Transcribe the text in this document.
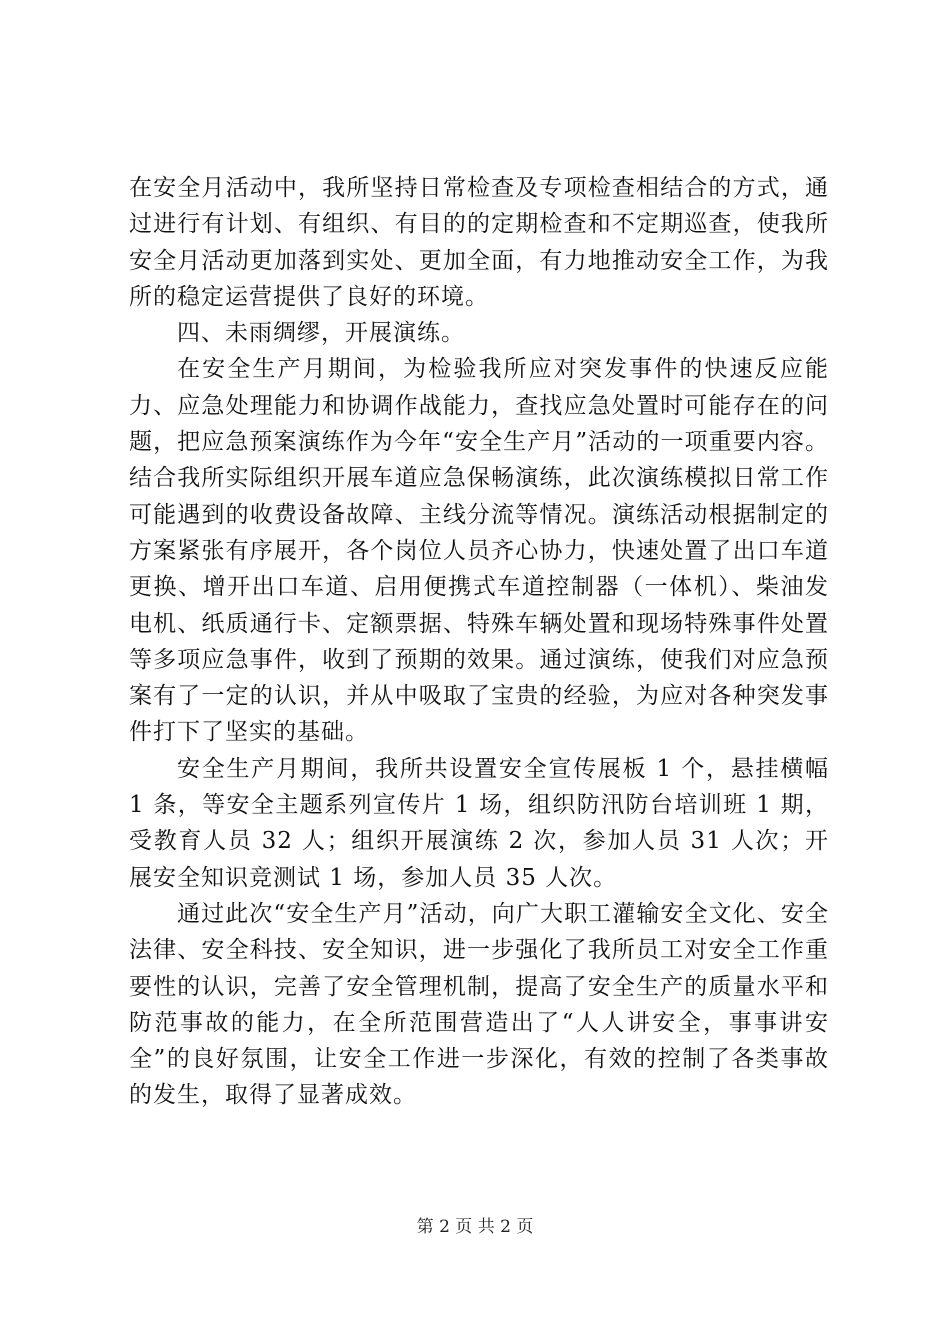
在安全月活动中，我所坚持日常检查及专项检查相结合的方式，通过进行有计划、有组织、有目的的定期检查和不定期巡查，使我所安全月活动更加落到实处、更加全面，有力地推动安全工作，为我所的稳定运营提供了良好的环境。

四、未雨绸缪，开展演练。

在安全生产月期间，为检验我所应对突发事件的快速反应能力、应急处理能力和协调作战能力，查找应急处置时可能存在的问题，把应急预案演练作为今年“安全生产月”活动的一项重要内容。结合我所实际组织开展车道应急保畅演练，此次演练模拟日常工作可能遇到的收费设备故障、主线分流等情况。演练活动根据制定的方案紧张有序展开，各个岗位人员齐心协力，快速处置了出口车道更换、增开出口车道、启用便携式车道控制器（一体机）、柴油发电机、纸质通行卡、定额票据、特殊车辆处置和现场特殊事件处置等多项应急事件，收到了预期的效果。通过演练，使我们对应急预案有了一定的认识，并从中吸取了宝贵的经验，为应对各种突发事件打下了坚实的基础。

安全生产月期间，我所共设置安全宣传展板 1 个，悬挂横幅 1 条，等安全主题系列宣传片 1 场，组织防汛防台培训班 1 期，受教育人员 32 人；组织开展演练 2 次，参加人员 31 人次；开展安全知识竞测试 1 场，参加人员 35 人次。

通过此次“安全生产月”活动，向广大职工灌输安全文化、安全法律、安全科技、安全知识，进一步强化了我所员工对安全工作重要性的认识，完善了安全管理机制，提高了安全生产的质量水平和防范事故的能力，在全所范围营造出了“人人讲安全，事事讲安全”的良好氛围，让安全工作进一步深化，有效的控制了各类事故的发生，取得了显著成效。

第 2 页 共 2 页
